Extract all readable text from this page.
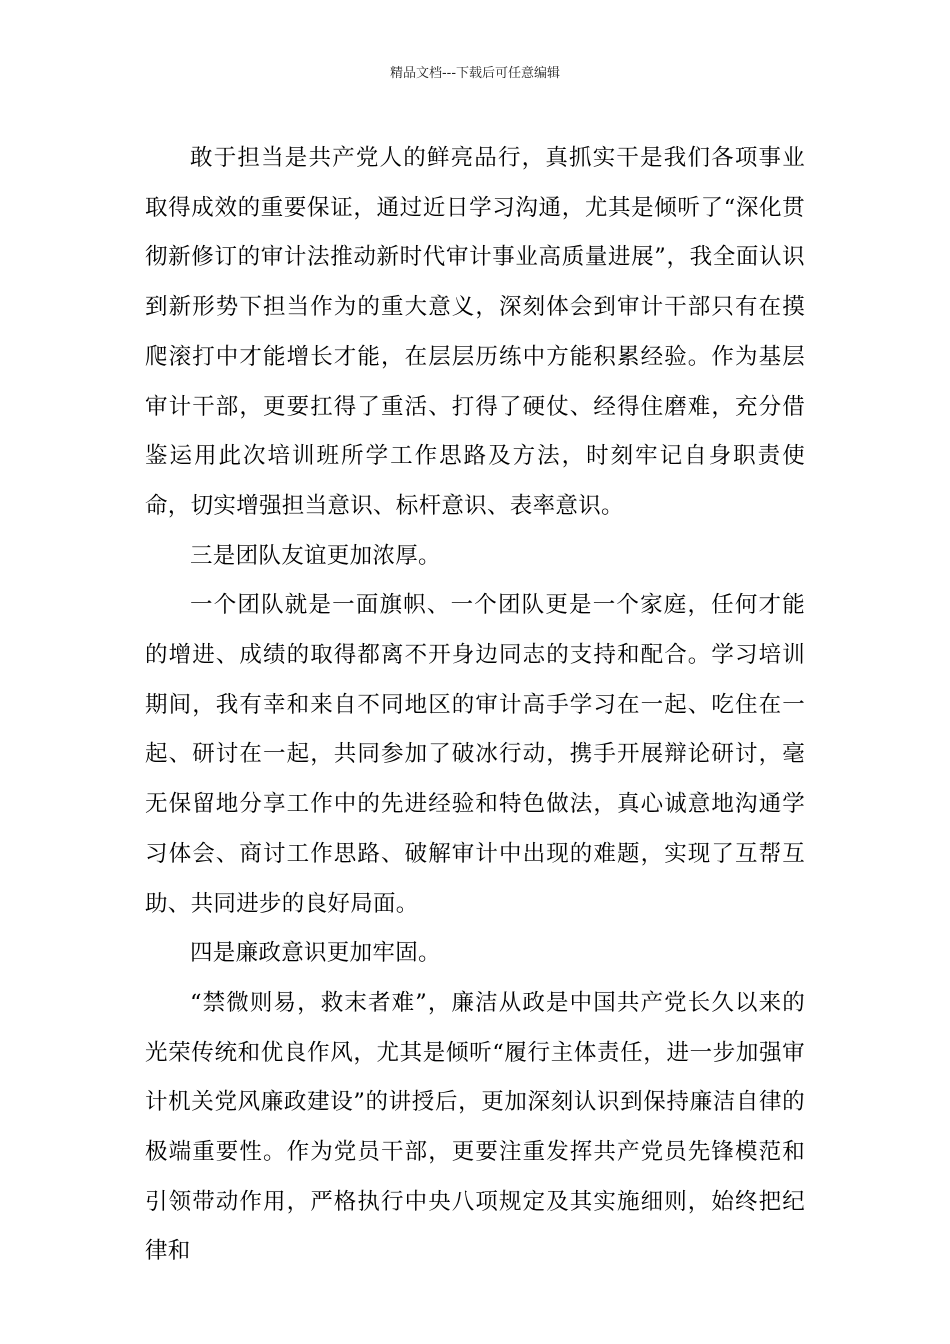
精品文档---下载后可任意编辑

敢于担当是共产党人的鲜亮品行，真抓实干是我们各项事业取得成效的重要保证，通过近日学习沟通，尤其是倾听了“深化贯彻新修订的审计法推动新时代审计事业高质量进展”，我全面认识到新形势下担当作为的重大意义，深刻体会到审计干部只有在摸爬滚打中才能增长才能，在层层历练中方能积累经验。作为基层审计干部，更要扛得了重活、打得了硬仗、经得住磨难，充分借鉴运用此次培训班所学工作思路及方法，时刻牢记自身职责使命，切实增强担当意识、标杆意识、表率意识。

三是团队友谊更加浓厚。

一个团队就是一面旗帜、一个团队更是一个家庭，任何才能的增进、成绩的取得都离不开身边同志的支持和配合。学习培训期间，我有幸和来自不同地区的审计高手学习在一起、吃住在一起、研讨在一起，共同参加了破冰行动，携手开展辩论研讨，毫无保留地分享工作中的先进经验和特色做法，真心诚意地沟通学习体会、商讨工作思路、破解审计中出现的难题，实现了互帮互助、共同进步的良好局面。

四是廉政意识更加牢固。

“禁微则易，救末者难”，廉洁从政是中国共产党长久以来的光荣传统和优良作风，尤其是倾听“履行主体责任，进一步加强审计机关党风廉政建设”的讲授后，更加深刻认识到保持廉洁自律的极端重要性。作为党员干部，更要注重发挥共产党员先锋模范和引领带动作用，严格执行中央八项规定及其实施细则，始终把纪律和
